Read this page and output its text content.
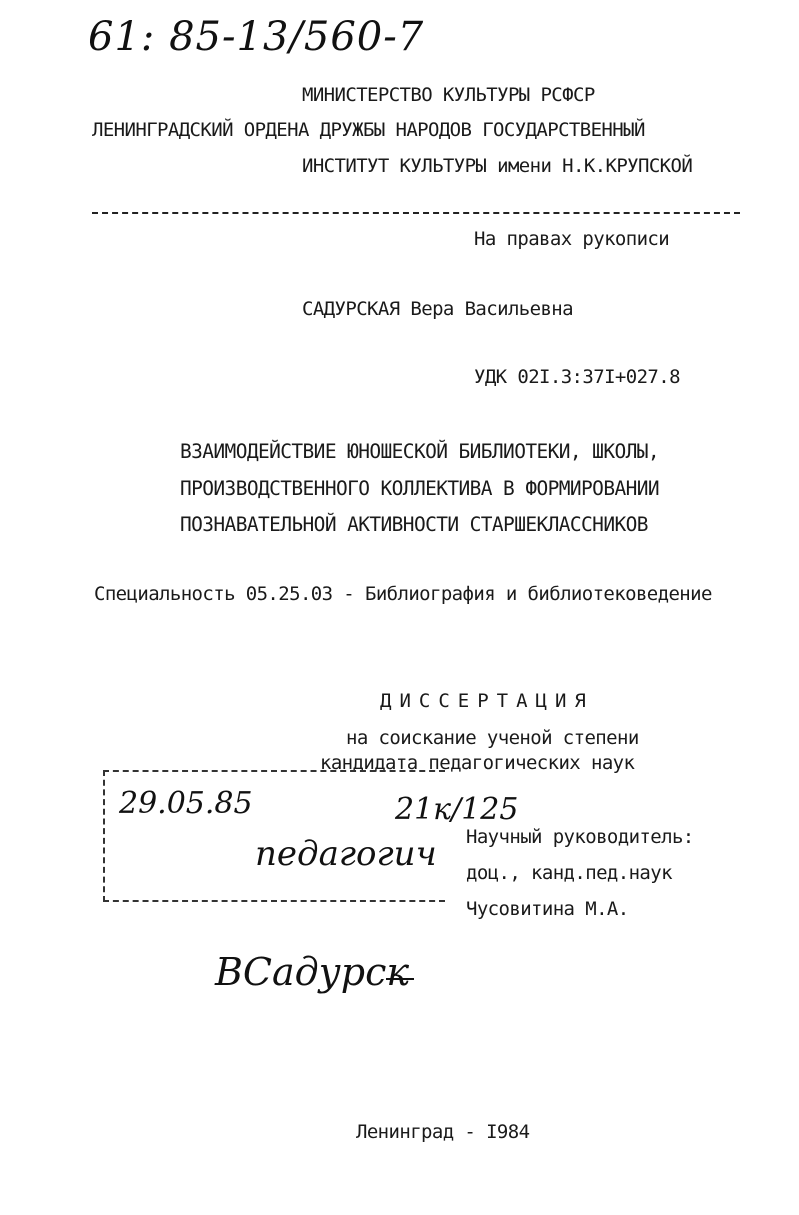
61: 85-13/560-7
МИНИСТЕРСТВО КУЛЬТУРЫ РСФСР
ЛЕНИНГРАДСКИЙ ОРДЕНА ДРУЖБЫ НАРОДОВ ГОСУДАРСТВЕННЫЙ
ИНСТИТУТ КУЛЬТУРЫ имени Н.К.КРУПСКОЙ
На правах рукописи
САДУРСКАЯ Вера Васильевна
УДК 02I.3:37I+027.8
ВЗАИМОДЕЙСТВИЕ ЮНОШЕСКОЙ БИБЛИОТЕКИ, ШКОЛЫ,
ПРОИЗВОДСТВЕННОГО КОЛЛЕКТИВА В ФОРМИРОВАНИИ
ПОЗНАВАТЕЛЬНОЙ АКТИВНОСТИ СТАРШЕКЛАССНИКОВ
Специальность 05.25.03 - Библиография и библиотековедение
ДИССЕРТАЦИЯ
на соискание ученой степени
кандидата педагогических наук
29.05.85	21к/125
педагогич Научный руководитель:
доц., канд.пед.наук
Чусовитина М.А.
ВСадурск
Ленинград - I984
